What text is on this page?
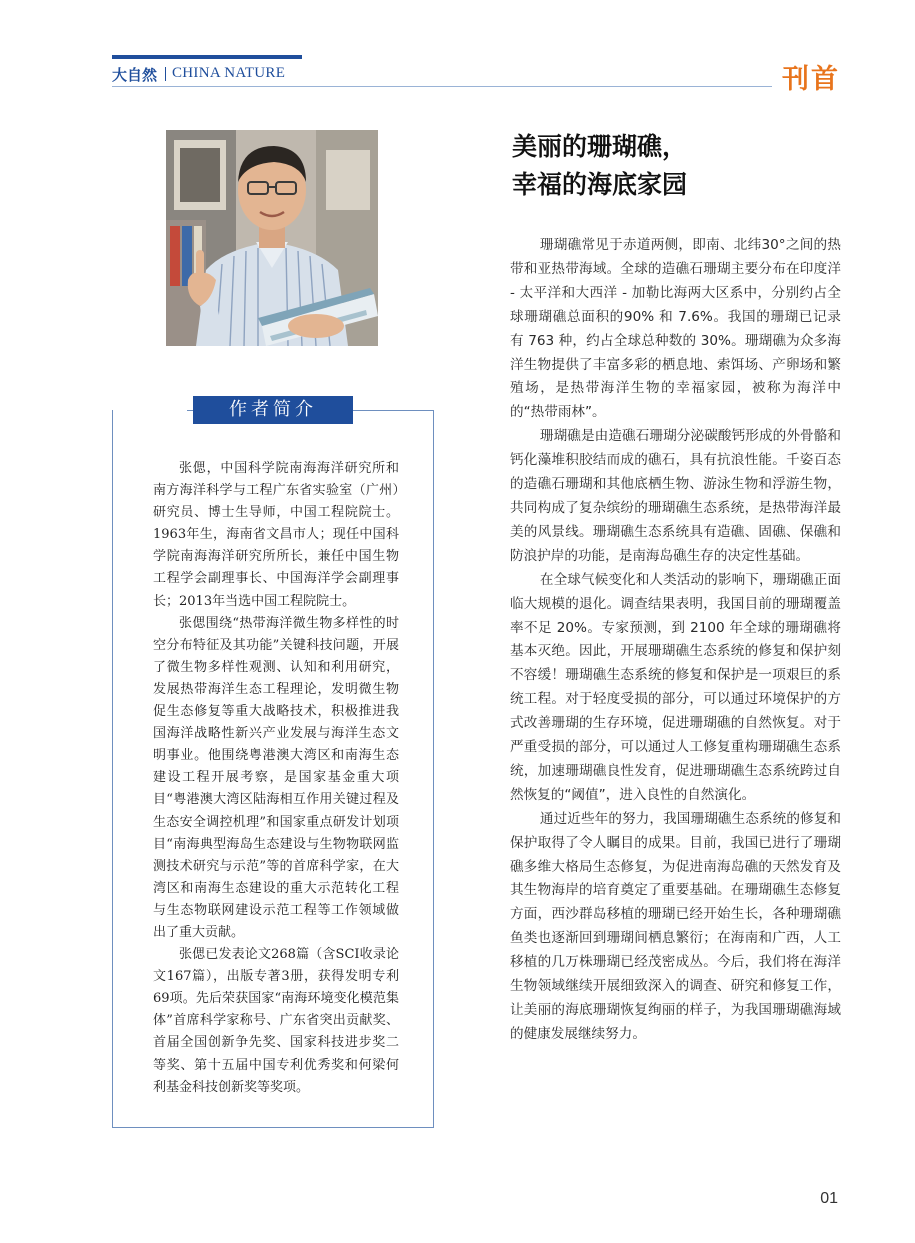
大自然 CHINA NATURE	刊首
作者简介

张偲，中国科学院南海海洋研究所和南方海洋科学与工程广东省实验室（广州）研究员、博士生导师，中国工程院院士。1963年生，海南省文昌市人；现任中国科学院南海海洋研究所所长，兼任中国生物工程学会副理事长、中国海洋学会副理事长；2013年当选中国工程院院士。

张偲围绕“热带海洋微生物多样性的时空分布特征及其功能”关键科技问题，开展了微生物多样性观测、认知和利用研究，发展热带海洋生态工程理论，发明微生物促生态修复等重大战略技术，积极推进我国海洋战略性新兴产业发展与海洋生态文明事业。他围绕粤港澳大湾区和南海生态建设工程开展考察，是国家基金重大项目“粤港澳大湾区陆海相互作用关键过程及生态安全调控机理”和国家重点研发计划项目“南海典型海岛生态建设与生物物联网监测技术研究与示范”等的首席科学家，在大湾区和南海生态建设的重大示范转化工程与生态物联网建设示范工程等工作领域做出了重大贡献。

张偲已发表论文268篇（含SCI收录论文167篇），出版专著3册，获得发明专利69项。先后荣获国家“南海环境变化模范集体”首席科学家称号、广东省突出贡献奖、首届全国创新争先奖、国家科技进步奖二等奖、第十五届中国专利优秀奖和何梁何利基金科技创新奖等奖项。

美丽的珊瑚礁，
幸福的海底家园

珊瑚礁常见于赤道两侧，即南、北纬30°之间的热带和亚热带海域。全球的造礁石珊瑚主要分布在印度洋 - 太平洋和大西洋 - 加勒比海两大区系中，分别约占全球珊瑚礁总面积的90% 和 7.6%。我国的珊瑚已记录有 763 种，约占全球总种数的 30%。珊瑚礁为众多海洋生物提供了丰富多彩的栖息地、索饵场、产卵场和繁殖场，是热带海洋生物的幸福家园，被称为海洋中的“热带雨林”。

珊瑚礁是由造礁石珊瑚分泌碳酸钙形成的外骨骼和钙化藻堆积胶结而成的礁石，具有抗浪性能。千姿百态的造礁石珊瑚和其他底栖生物、游泳生物和浮游生物，共同构成了复杂缤纷的珊瑚礁生态系统，是热带海洋最美的风景线。珊瑚礁生态系统具有造礁、固礁、保礁和防浪护岸的功能，是南海岛礁生存的决定性基础。

在全球气候变化和人类活动的影响下，珊瑚礁正面临大规模的退化。调查结果表明，我国目前的珊瑚覆盖率不足 20%。专家预测，到 2100 年全球的珊瑚礁将基本灭绝。因此，开展珊瑚礁生态系统的修复和保护刻不容缓！珊瑚礁生态系统的修复和保护是一项艰巨的系统工程。对于轻度受损的部分，可以通过环境保护的方式改善珊瑚的生存环境，促进珊瑚礁的自然恢复。对于严重受损的部分，可以通过人工修复重构珊瑚礁生态系统，加速珊瑚礁良性发育，促进珊瑚礁生态系统跨过自然恢复的“阈值”，进入良性的自然演化。

通过近些年的努力，我国珊瑚礁生态系统的修复和保护取得了令人瞩目的成果。目前，我国已进行了珊瑚礁多维大格局生态修复，为促进南海岛礁的天然发育及其生物海岸的培育奠定了重要基础。在珊瑚礁生态修复方面，西沙群岛移植的珊瑚已经开始生长，各种珊瑚礁鱼类也逐渐回到珊瑚间栖息繁衍；在海南和广西，人工移植的几万株珊瑚已经茂密成丛。今后，我们将在海洋生物领域继续开展细致深入的调查、研究和修复工作，让美丽的海底珊瑚恢复绚丽的样子，为我国珊瑚礁海域的健康发展继续努力。

01
